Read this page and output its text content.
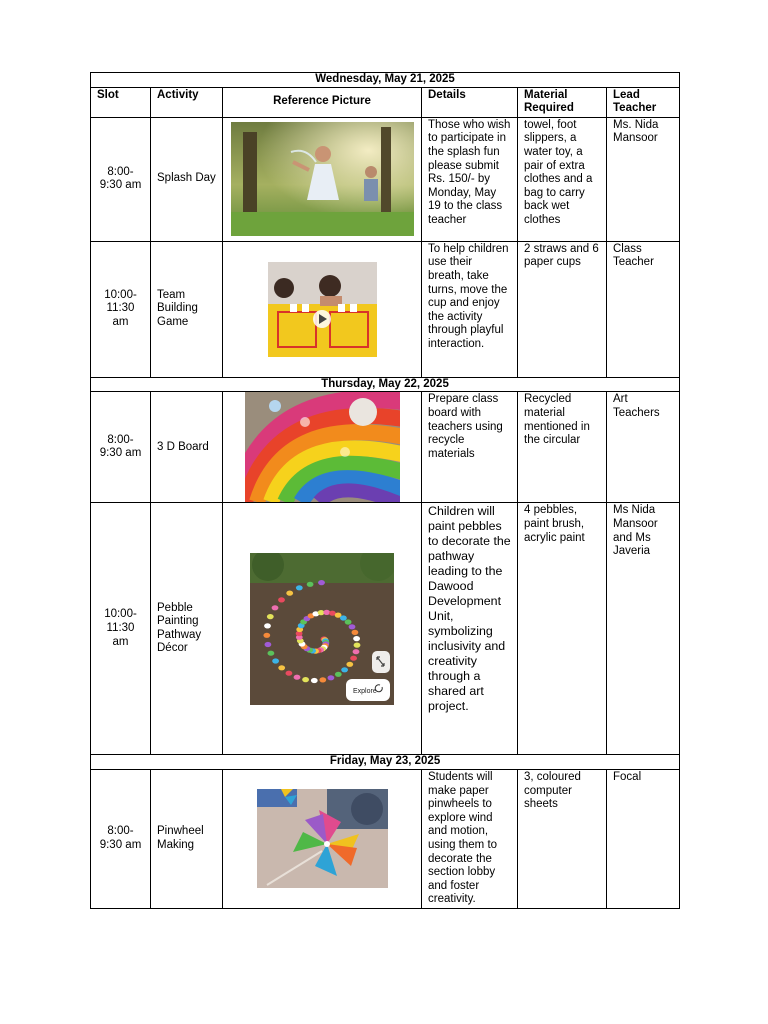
Wednesday, May 21, 2025					
Slot	Activity	Reference Picture	Details	Material Required	Lead Teacher
8:00- 9:30 am	Splash Day		Those who wish to participate in the splash fun please submit Rs. 150/- by Monday, May 19 to the class teacher	towel, foot slippers, a water toy, a pair of extra clothes and a bag to carry back wet clothes	Ms. Nida Mansoor
10:00- 11:30 am	Team Building Game		To help children use their breath, take turns, move the cup and enjoy the activity through playful interaction.	2 straws and 6 paper cups	Class Teacher
Thursday, May 22, 2025					
8:00- 9:30 am	3 D Board		Prepare class board with teachers using recycle materials	Recycled material mentioned in the circular	Art Teachers
10:00- 11:30 am	Pebble Painting Pathway Décor	Explore	Children will paint pebbles to decorate the pathway leading to the Dawood Development Unit, symbolizing inclusivity and creativity through a shared art project.	4 pebbles, paint brush, acrylic paint	Ms Nida Mansoor and Ms Javeria
Friday, May 23, 2025					
8:00- 9:30 am	Pinwheel Making		Students will make paper pinwheels to explore wind and motion, using them to decorate the section lobby and foster creativity.	3, coloured computer sheets	Focal
